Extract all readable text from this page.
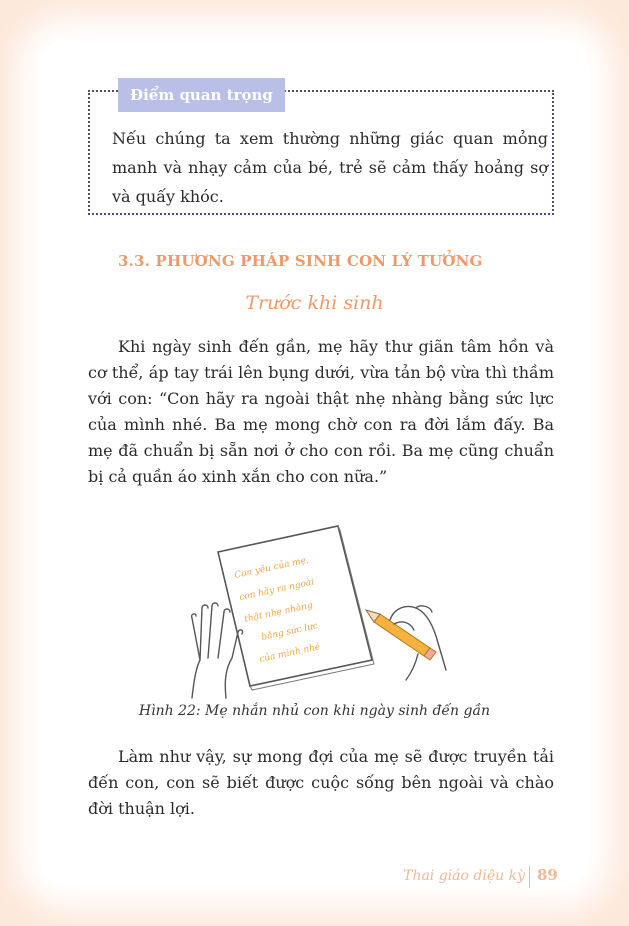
Điểm quan trọng
Nếu chúng ta xem thường những giác quan mỏng manh và nhạy cảm của bé, trẻ sẽ cảm thấy hoảng sợ và quấy khóc.
3.3. PHƯƠNG PHÁP SINH CON LÝ TƯỞNG
Trước khi sinh
Khi ngày sinh đến gần, mẹ hãy thư giãn tâm hồn và cơ thể, áp tay trái lên bụng dưới, vừa tản bộ vừa thì thầm với con: “Con hãy ra ngoài thật nhẹ nhàng bằng sức lực của mình nhé. Ba mẹ mong chờ con ra đời lắm đấy. Ba mẹ đã chuẩn bị sẵn nơi ở cho con rồi. Ba mẹ cũng chuẩn bị cả quần áo xinh xắn cho con nữa.”
Con yêu của mẹ,
con hãy ra ngoài
thật nhẹ nhàng
bằng sức lực
của mình nhé
Hình 22: Mẹ nhắn nhủ con khi ngày sinh đến gần
Làm như vậy, sự mong đợi của mẹ sẽ được truyền tải đến con, con sẽ biết được cuộc sống bên ngoài và chào đời thuận lợi.
Thai giáo diệu kỳ 89
